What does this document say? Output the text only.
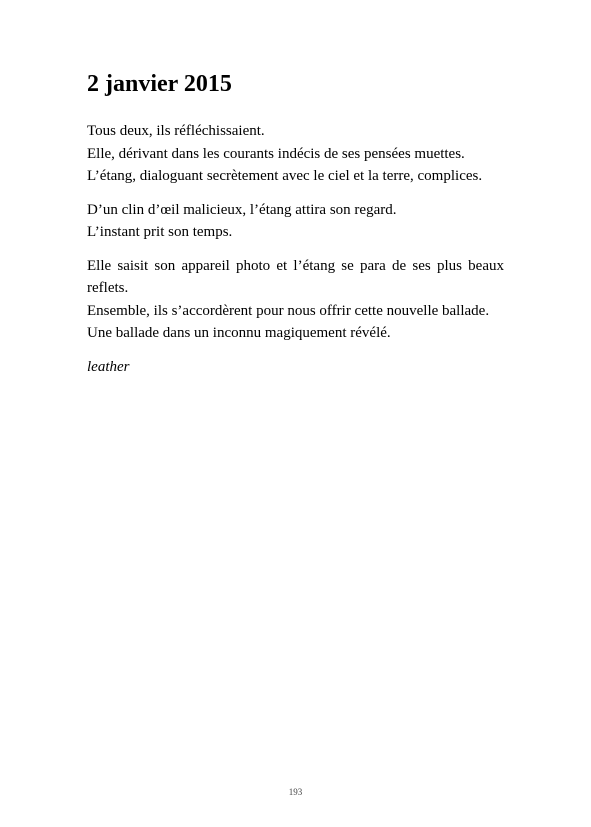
2 janvier 2015

Tous deux, ils réfléchissaient.

Elle, dérivant dans les courants indécis de ses pensées muettes.

L’étang, dialoguant secrètement avec le ciel et la terre, complices.

D’un clin d’œil malicieux, l’étang attira son regard.

L’instant prit son temps.

Elle saisit son appareil photo et l’étang se para de ses plus beaux reflets.

Ensemble, ils s’accordèrent pour nous offrir cette nouvelle ballade.

Une ballade dans un inconnu magiquement révélé.

leather

193
